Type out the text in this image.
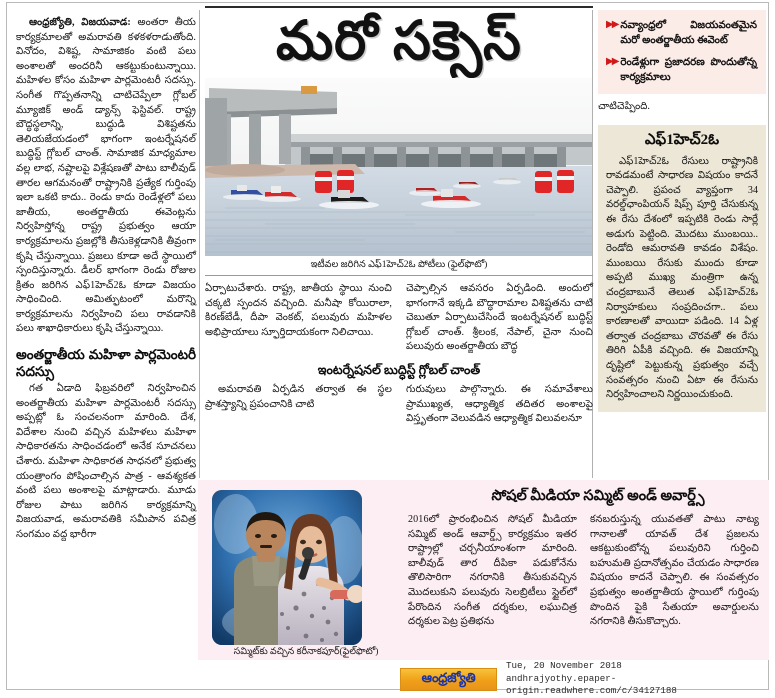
ఆంధ్రజ్యోతి, విజయవాడ: అంతరా తీయ కార్యక్రమాలతో అమరావతి కళకళరాడుతోంది. వినోదం, విశిష్ట, సామాజికం వంటి పలు అంశాలతో అందరినీ ఆకట్టుకుంటున్నాయి. మహిళల కోసం మహిళా పార్లమెంటరీ సదస్సు. సంగీత గొప్పతనాన్ని చాటిచెప్పేలా గ్లోబల్ మ్యూజిక్ అండ్ డ్యాన్స్ ఫెస్టివల్. రాష్ట్ర బౌద్ధస్థలాన్ని, బుద్ధుడి విశిష్టతను తెలియజేయడంలో భాగంగా ఇంటర్నేషనల్ బుద్ధిస్ట్ గ్లోబల్ చాంత్. సామాజిక మాధ్యమాల వల్ల లాభ, నష్టాలపై విశ్లేషణతో పాటు బాలీవుడ్ తారల ఆగమనంతో రాష్ట్రానికి ప్రత్యేక గుర్తింపు ఇలా ఒకటి కాదు.. రెండు కాదు రెండేళ్లలో పలు జాతీయ, అంతర్జాతీయ ఈవెంట్లను నిర్వహిస్తోన్న రాష్ట్ర ప్రభుత్వం ఆయా కార్యక్రమాలను ప్రజల్లోకి తీసుకెళ్లడానికి తీవ్రంగా కృషి చేస్తున్నాయి. ప్రజలు కూడా అదే స్థాయిలో స్పందిస్తున్నారు. డీలర్ భాగంగా రెండు రోజుల క్రితం జరిగిన ఎఫ్1హెచ్2ఓ కూడా విజయం సాధించింది. అమిత్ఫుటంలో మరొన్ని కార్యక్రమాలను నిర్వహించి పలు రావడానికి పలు శాఖాధికారులు కృషి చేస్తున్నాయి.
అంతర్జాతీయ మహిళా పార్లమెంటరీ సదస్సు
గత ఏడాది ఫిబ్రవరిలో నిర్వహించిన అంతర్జాతీయ మహిళా పార్లమెంటరీ సదస్సు అప్పట్లో ఓ సంచలనంగా మారింది. దేశ, విదేశాల నుంచి వచ్చిన మహిళలు మహిళా సాధికారతను సాధించడంలో అనేక సూచనలు చేశారు. మహిళా సాధికారత సాధనలో ప్రభుత్వ యంత్రాంగం పోషించాల్సిన పాత్ర - ఆవశ్యకత వంటి పలు అంశాలపై మాట్లాడారు. మూడు రోజుల పాటు జరిగిన కార్యక్రమాన్ని విజయవాడ, అమరావతికి సమీపాన పవిత్ర సంగమం వద్ద భారీగా
మరో సక్సెస్
ఇటీవల జరిగిన ఎఫ్1హెచ్2ఓ పోటీలు (ఫైల్‌ఫొటో)
ఏర్పాటుచేశారు. రాష్ట్ర, జాతీయ స్థాయి నుంచి చక్కటి స్పందన వచ్చింది. మనీషా కోయిరాలా, కిరణ్‌బేడీ, దీపా వెంకట్, పలువురు మహిళల అభిప్రాయాలు స్ఫూర్తిదాయకంగా నిలిచాయి.
చెప్పాల్సిన ఆవసరం ఏర్పడింది. అందులో భాగంగానే ఇక్కడి బౌద్ధారామాల విశిష్టతను చాటి చెబుతూ ఏర్పాటుచేసిందే ఇంటర్నేషనల్ బుద్ధిస్ట్ గ్లోబల్ చాంత్. శ్రీలంక, నేపాల్, చైనా నుంచి పలువురు అంతర్జాతీయ బౌద్ధ
ఇంటర్నేషనల్ బుద్ధిస్ట్ గ్లోబల్ చాంత్
అమరావతి ఏర్పడిన తర్వాత ఈ స్థల ప్రాశస్త్యాన్ని ప్రపంచానికి చాటి
గురువులు పాల్గొన్నారు. ఈ సమావేశాలు ప్రాముఖ్యత, ఆధ్యాత్మిక తదితర అంశాలపై విస్తృతంగా వెలువడిన ఆధ్యాత్మిక విలువలనూ
▶▶ నవ్యాంధ్రలో విజయవంతమైన మరో అంతర్జాతీయ ఈవెంట్
▶▶ రెండేళ్లుగా ప్రజాదరణ పొందుతోన్న కార్యక్రమాలు
చాటిచెప్పింది.
ఎఫ్1హెచ్2ఓ
ఎఫ్1హెచ్2ఓ రేసులు రాష్ట్రానికి రావడమంటే సాధారణ విషయం కాదనే చెప్పాలి. ప్రపంచ వ్యాప్తంగా 34 వరల్డ్‌ఛాంపియన్ షిప్స్ పూర్తి చేసుకున్న ఈ రేసు దేశంలో ఇప్పటికి రెండు సార్లే అడుగు పెట్టింది. మొదటు ముంబయి.. రెండోది ఆమరావతి కావడం విశేషం. ముంబయి రేసుకు ముందు కూడా అప్పటి ముఖ్య మంత్రిగా ఉన్న చంద్రబాబునే తెలుత ఎఫ్1హెచ్2ఓ నిర్వాహకులు సంప్రదించగా.. పలు కారణాలతో వాయిదా పడింది. 14 ఏళ్ల తర్వాత చంద్రబాబు చొరవతో ఈ రేసు తిరిగి ఏపీకి వచ్చింది. ఈ విజయాన్ని దృష్టిలో పెట్టుకున్న ప్రభుత్వం వచ్చే సంవత్సరం నుంచి ఏటా ఈ రేసును నిర్వహించాలని నిర్ణయించుకుంది.
సమ్మిట్‌కు వచ్చిన కరీనాకపూర్(ఫైల్‌ఫొటో)
సోషల్ మీడియా సమ్మిట్ అండ్ అవార్డ్స్
2016లో ప్రారంభించిన సోషల్ మీడియా సమ్మిట్ అండ్ ఆవార్డ్స్ కార్యక్రమం ఇతర రాష్ట్రాల్లో చర్చనీయాంశంగా మారింది. బాలీవుడ్ తార దీపికా పడుకోనేను తొలిసారిగా నగరానికి తీసుకువచ్చిన మొదలుకుని పలువురు సెలబ్రిటీలు స్టైల్‌లో పేరొందిన సంగీత దర్శకుల, లఘుచిత్ర దర్శకుల పెట్ర ప్రతిభను
కనబరుస్తున్న యువతతో పాటు నాట్య గానాలతో యావత్ దేశ ప్రజలను ఆకట్టుకుంటోన్న పలువురిని గుర్తించి బహుమతి ప్రదానోత్సవం చేయడం సాధారణ విషయం కాదనే చెప్పాలి. ఈ సంవత్సరం ప్రభుత్వం అంతర్జాతీయ స్థాయిలో గుర్తింపు పొందిన పైకి సేతుయా అవార్డులను నగరానికి తీసుకొచ్చారు.
ఆంధ్రజ్యోతి
Tue, 20 November 2018
andhrajyothy.epaper-origin.readwhere.com/c/34127188
